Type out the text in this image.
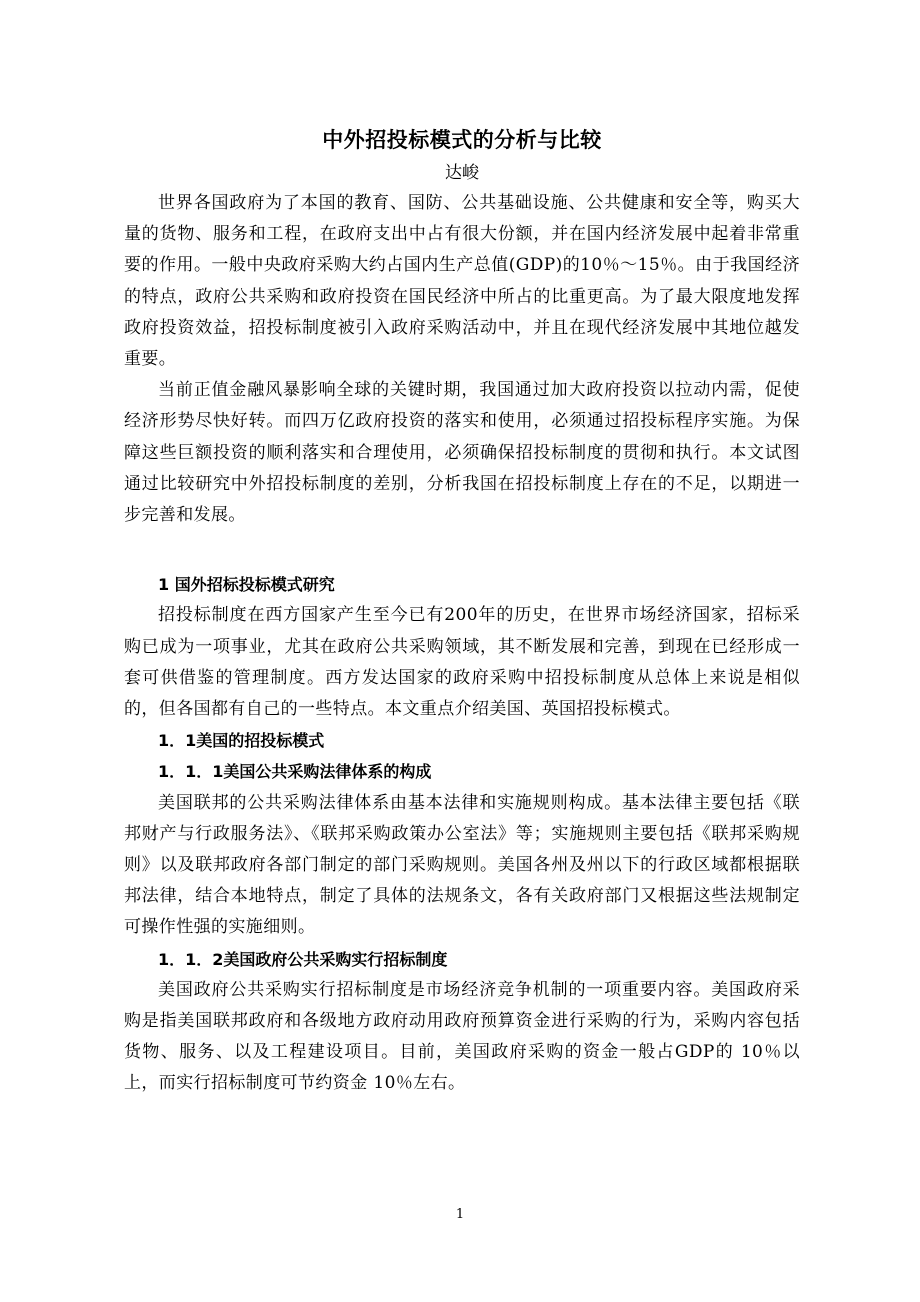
中外招投标模式的分析与比较
达峻

世界各国政府为了本国的教育、国防、公共基础设施、公共健康和安全等，购买大量的货物、服务和工程，在政府支出中占有很大份额，并在国内经济发展中起着非常重要的作用。一般中央政府采购大约占国内生产总值(GDP)的10％～15％。由于我国经济的特点，政府公共采购和政府投资在国民经济中所占的比重更高。为了最大限度地发挥政府投资效益，招投标制度被引入政府采购活动中，并且在现代经济发展中其地位越发重要。

当前正值金融风暴影响全球的关键时期，我国通过加大政府投资以拉动内需，促使经济形势尽快好转。而四万亿政府投资的落实和使用，必须通过招投标程序实施。为保障这些巨额投资的顺利落实和合理使用，必须确保招投标制度的贯彻和执行。本文试图通过比较研究中外招投标制度的差别，分析我国在招投标制度上存在的不足，以期进一步完善和发展。

1 国外招标投标模式研究

招投标制度在西方国家产生至今已有200年的历史，在世界市场经济国家，招标采购已成为一项事业，尤其在政府公共采购领域，其不断发展和完善，到现在已经形成一套可供借鉴的管理制度。西方发达国家的政府采购中招投标制度从总体上来说是相似的，但各国都有自己的一些特点。本文重点介绍美国、英国招投标模式。

1．1美国的招投标模式
1．1．1美国公共采购法律体系的构成

美国联邦的公共采购法律体系由基本法律和实施规则构成。基本法律主要包括《联邦财产与行政服务法》、《联邦采购政策办公室法》等；实施规则主要包括《联邦采购规则》以及联邦政府各部门制定的部门采购规则。美国各州及州以下的行政区域都根据联邦法律，结合本地特点，制定了具体的法规条文，各有关政府部门又根据这些法规制定可操作性强的实施细则。

1．1．2美国政府公共采购实行招标制度

美国政府公共采购实行招标制度是市场经济竞争机制的一项重要内容。美国政府采购是指美国联邦政府和各级地方政府动用政府预算资金进行采购的行为，采购内容包括货物、服务、以及工程建设项目。目前，美国政府采购的资金一般占GDP的 10％以上，而实行招标制度可节约资金 10％左右。

1
